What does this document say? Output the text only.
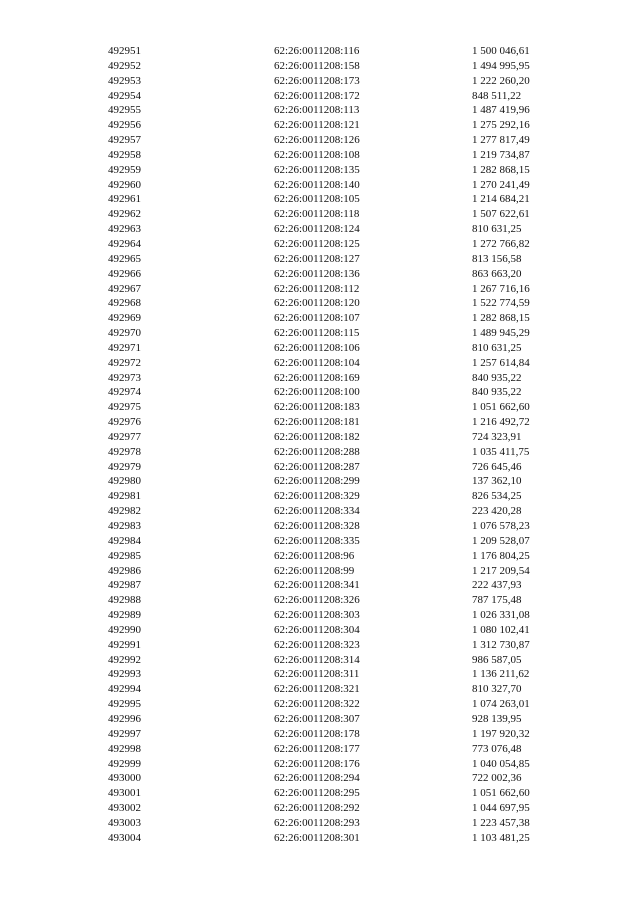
492951	62:26:0011208:116	1 500 046,61
492952	62:26:0011208:158	1 494 995,95
492953	62:26:0011208:173	1 222 260,20
492954	62:26:0011208:172	848 511,22
492955	62:26:0011208:113	1 487 419,96
492956	62:26:0011208:121	1 275 292,16
492957	62:26:0011208:126	1 277 817,49
492958	62:26:0011208:108	1 219 734,87
492959	62:26:0011208:135	1 282 868,15
492960	62:26:0011208:140	1 270 241,49
492961	62:26:0011208:105	1 214 684,21
492962	62:26:0011208:118	1 507 622,61
492963	62:26:0011208:124	810 631,25
492964	62:26:0011208:125	1 272 766,82
492965	62:26:0011208:127	813 156,58
492966	62:26:0011208:136	863 663,20
492967	62:26:0011208:112	1 267 716,16
492968	62:26:0011208:120	1 522 774,59
492969	62:26:0011208:107	1 282 868,15
492970	62:26:0011208:115	1 489 945,29
492971	62:26:0011208:106	810 631,25
492972	62:26:0011208:104	1 257 614,84
492973	62:26:0011208:169	840 935,22
492974	62:26:0011208:100	840 935,22
492975	62:26:0011208:183	1 051 662,60
492976	62:26:0011208:181	1 216 492,72
492977	62:26:0011208:182	724 323,91
492978	62:26:0011208:288	1 035 411,75
492979	62:26:0011208:287	726 645,46
492980	62:26:0011208:299	137 362,10
492981	62:26:0011208:329	826 534,25
492982	62:26:0011208:334	223 420,28
492983	62:26:0011208:328	1 076 578,23
492984	62:26:0011208:335	1 209 528,07
492985	62:26:0011208:96	1 176 804,25
492986	62:26:0011208:99	1 217 209,54
492987	62:26:0011208:341	222 437,93
492988	62:26:0011208:326	787 175,48
492989	62:26:0011208:303	1 026 331,08
492990	62:26:0011208:304	1 080 102,41
492991	62:26:0011208:323	1 312 730,87
492992	62:26:0011208:314	986 587,05
492993	62:26:0011208:311	1 136 211,62
492994	62:26:0011208:321	810 327,70
492995	62:26:0011208:322	1 074 263,01
492996	62:26:0011208:307	928 139,95
492997	62:26:0011208:178	1 197 920,32
492998	62:26:0011208:177	773 076,48
492999	62:26:0011208:176	1 040 054,85
493000	62:26:0011208:294	722 002,36
493001	62:26:0011208:295	1 051 662,60
493002	62:26:0011208:292	1 044 697,95
493003	62:26:0011208:293	1 223 457,38
493004	62:26:0011208:301	1 103 481,25
